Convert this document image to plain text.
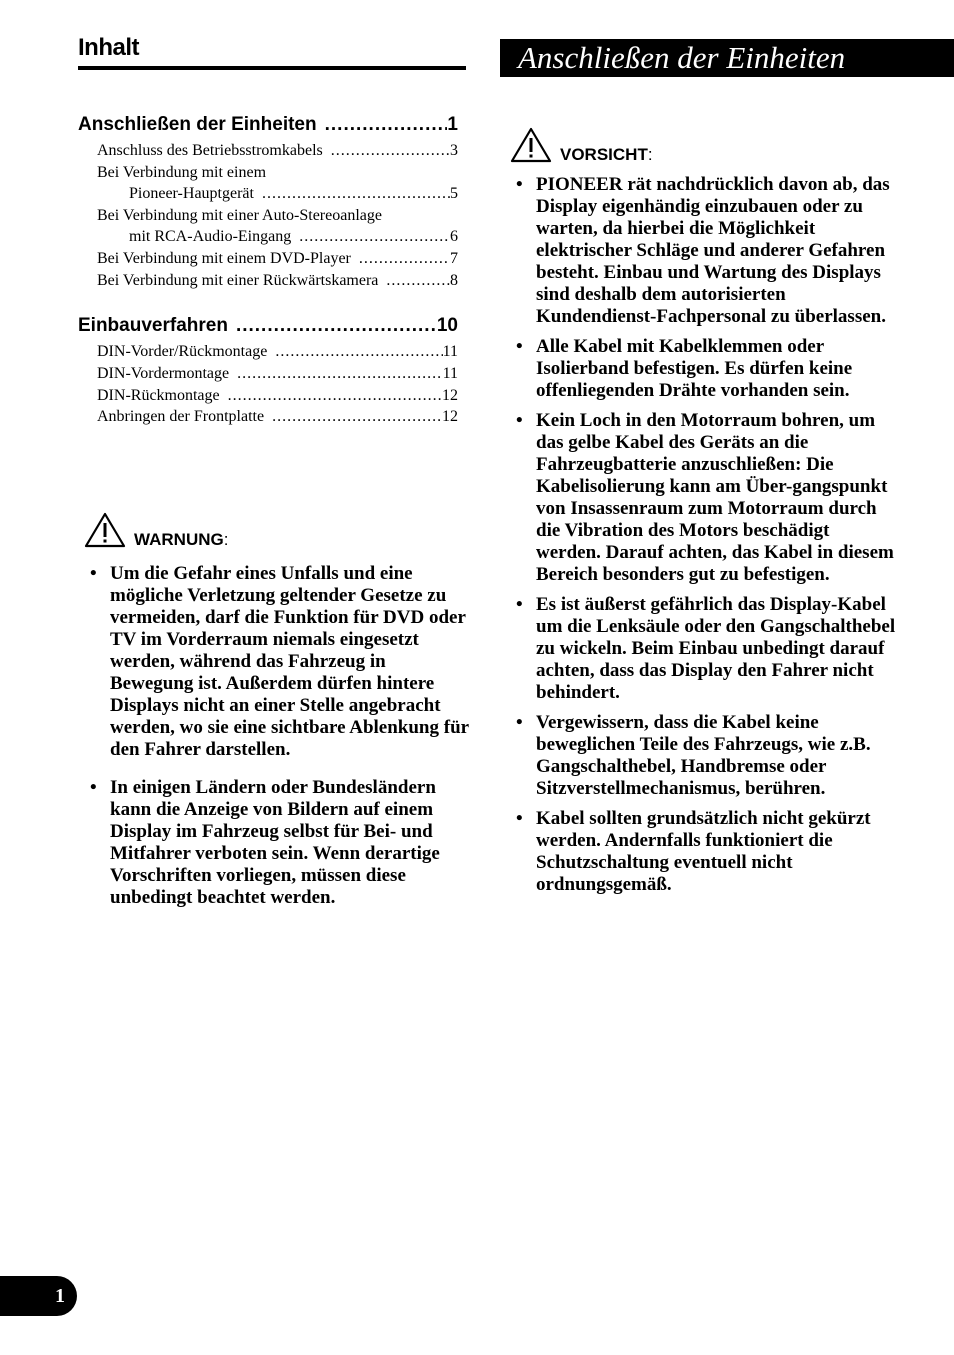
Inhalt
Anschließen der Einheiten .....	1
Anschluss des Betriebsstromkabels .....	3
Bei Verbindung mit einem
Pioneer-Hauptgerät .....	5
Bei Verbindung mit einer Auto-Stereoanlage
mit RCA-Audio-Eingang .....	6
Bei Verbindung mit einem DVD-Player .....	7
Bei Verbindung mit einer Rückwärtskamera .....	8
Einbauverfahren .....	10
DIN-Vorder/Rückmontage .....	11
DIN-Vordermontage .....	11
DIN-Rückmontage .....	12
Anbringen der Frontplatte .....	12
WARNUNG:
• Um die Gefahr eines Unfalls und eine mögliche Verletzung geltender Gesetze zu vermeiden, darf die Funktion für DVD oder TV im Vorderraum niemals eingesetzt werden, während das Fahrzeug in Bewegung ist. Außerdem dürfen hintere Displays nicht an einer Stelle angebracht werden, wo sie eine sichtbare Ablenkung für den Fahrer darstellen.
• In einigen Ländern oder Bundesländern kann die Anzeige von Bildern auf einem Display im Fahrzeug selbst für Bei- und Mitfahrer verboten sein. Wenn derartige Vorschriften vorliegen, müssen diese unbedingt beachtet werden.
Anschließen der Einheiten
VORSICHT:
• PIONEER rät nachdrücklich davon ab, das Display eigenhändig einzubauen oder zu warten, da hierbei die Möglichkeit elektrischer Schläge und anderer Gefahren besteht. Einbau und Wartung des Displays sind deshalb dem autorisierten Kundendienst-Fachpersonal zu überlassen.
• Alle Kabel mit Kabelklemmen oder Isolierband befestigen. Es dürfen keine offenliegenden Drähte vorhanden sein.
• Kein Loch in den Motorraum bohren, um das gelbe Kabel des Geräts an die Fahrzeugbatterie anzuschließen: Die Kabelisolierung kann am Über-gangspunkt von Insassenraum zum Motorraum durch die Vibration des Motors beschädigt werden. Darauf achten, das Kabel in diesem Bereich besonders gut zu befestigen.
• Es ist äußerst gefährlich das Display-Kabel um die Lenksäule oder den Gangschalthebel zu wickeln. Beim Einbau unbedingt darauf achten, dass das Display den Fahrer nicht behindert.
• Vergewissern, dass die Kabel keine beweglichen Teile des Fahrzeugs, wie z.B. Gangschalthebel, Handbremse oder Sitzverstellmechanismus, berühren.
• Kabel sollten grundsätzlich nicht gekürzt werden. Andernfalls funktioniert die Schutzschaltung eventuell nicht ordnungsgemäß.
1
